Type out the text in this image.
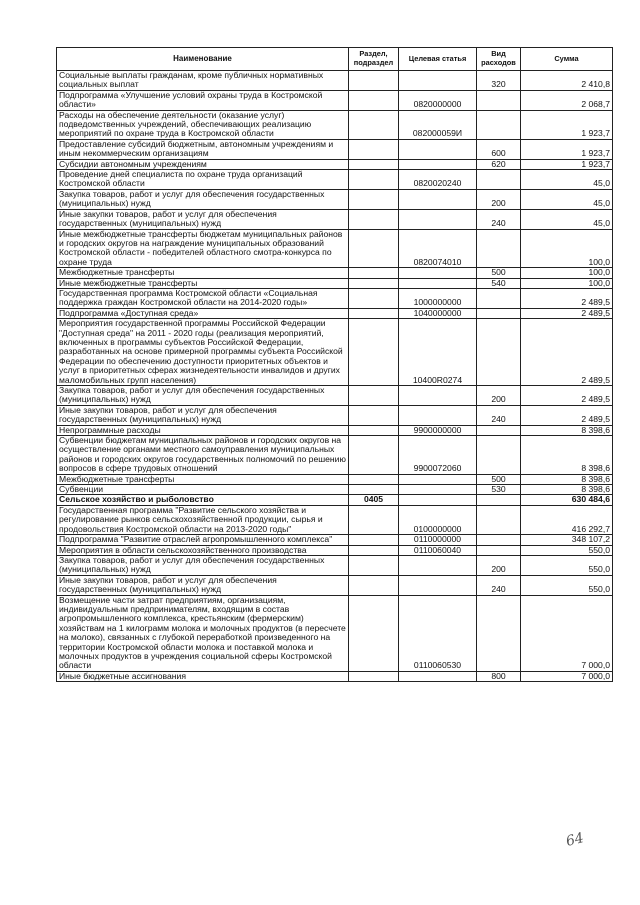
Наименование	Раздел, подраздел	Целевая статья	Вид расходов	Сумма
Социальные выплаты гражданам, кроме публичных нормативных социальных выплат			320	2 410,8
Подпрограмма «Улучшение условий охраны труда в Костромской области»		0820000000		2 068,7
Расходы на обеспечение деятельности (оказание услуг) подведомственных учреждений, обеспечивающих реализацию мероприятий по охране труда в Костромской области		082000059И		1 923,7
Предоставление субсидий бюджетным, автономным учреждениям и иным некоммерческим организациям			600	1 923,7
Субсидии автономным учреждениям			620	1 923,7
Проведение дней специалиста по охране труда организаций Костромской области		0820020240		45,0
Закупка товаров, работ и услуг для обеспечения государственных (муниципальных) нужд			200	45,0
Иные закупки товаров, работ и услуг для обеспечения государственных (муниципальных) нужд			240	45,0
Иные межбюджетные трансферты бюджетам муниципальных районов и городских округов на награждение муниципальных образований Костромской области - победителей областного смотра-конкурса по охране труда		0820074010		100,0
Межбюджетные трансферты			500	100,0
Иные межбюджетные трансферты			540	100,0
Государственная программа Костромской области «Социальная поддержка граждан Костромской области на 2014-2020 годы»		1000000000		2 489,5
Подпрограмма «Доступная среда»		1040000000		2 489,5
Мероприятия государственной программы Российской Федерации "Доступная среда" на 2011 - 2020 годы (реализация мероприятий, включенных в программы субъектов Российской Федерации, разработанных на основе примерной программы субъекта Российской Федерации по обеспечению доступности приоритетных объектов и услуг в приоритетных сферах жизнедеятельности инвалидов и других маломобильных групп населения)		10400R0274		2 489,5
Закупка товаров, работ и услуг для обеспечения государственных (муниципальных) нужд			200	2 489,5
Иные закупки товаров, работ и услуг для обеспечения государственных (муниципальных) нужд			240	2 489,5
Непрограммные расходы		9900000000		8 398,6
Субвенции бюджетам муниципальных районов и городских округов на осуществление органами местного самоуправления муниципальных районов и городских округов государственных полномочий по решению вопросов в сфере трудовых отношений		9900072060		8 398,6
Межбюджетные трансферты			500	8 398,6
Субвенции			530	8 398,6
Сельское хозяйство и рыболовство	0405			630 484,6
Государственная программа "Развитие сельского хозяйства и регулирование рынков сельскохозяйственной продукции, сырья и продовольствия Костромской области на 2013-2020 годы"		0100000000		416 292,7
Подпрограмма "Развитие отраслей агропромышленного комплекса"		0110000000		348 107,2
Мероприятия в области сельскохозяйственного производства		0110060040		550,0
Закупка товаров, работ и услуг для обеспечения государственных (муниципальных) нужд			200	550,0
Иные закупки товаров, работ и услуг для обеспечения государственных (муниципальных) нужд			240	550,0
Возмещение части затрат предприятиям, организациям, индивидуальным предпринимателям, входящим в состав агропромышленного комплекса, крестьянским (фермерским) хозяйствам на 1 килограмм молока и молочных продуктов (в пересчете на молоко), связанных с глубокой переработкой произведенного на территории Костромской области молока и поставкой молока и молочных продуктов в учреждения социальной сферы Костромской области		0110060530		7 000,0
Иные бюджетные ассигнования			800	7 000,0
64
